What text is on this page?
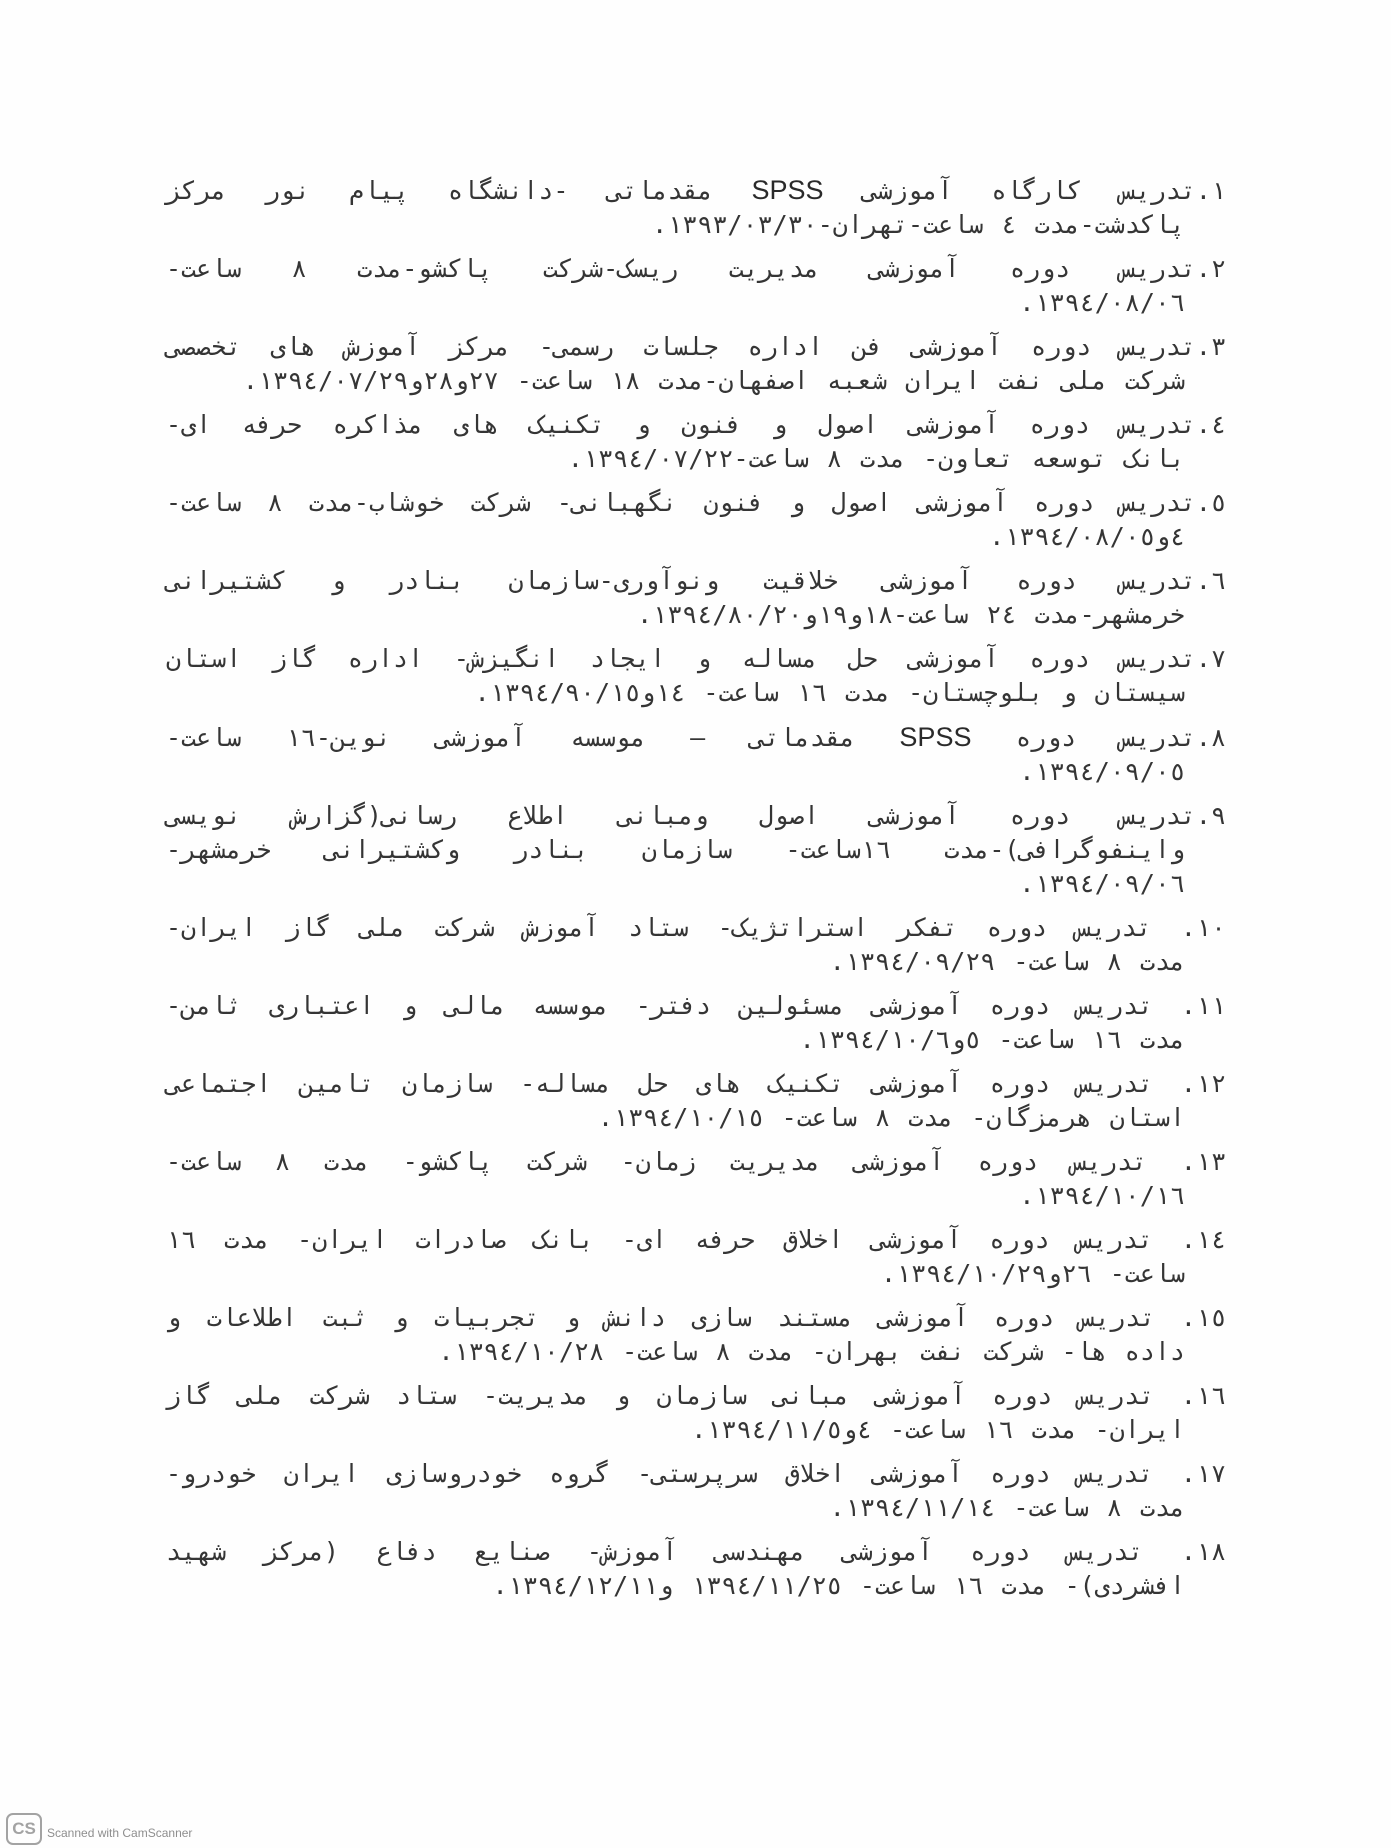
١.تدریس کارگاه آموزشی SPSS مقدماتی -دانشگاه پیام نور مرکز
پاکدشت-مدت ٤ ساعت-تهران-١٣٩٣/٠٣/٣٠.
٢.تدریس دوره آموزشی مدیریت ریسک-شرکت پاکشو-مدت ٨ ساعت-
١٣٩٤/٠٨/٠٦.
٣.تدریس دوره آموزشی فن اداره جلسات رسمی- مرکز آموزش های تخصصی
شرکت ملی نفت ایران شعبه اصفهان-مدت ١٨ ساعت- ٢٧و٢٨و١٣٩٤/٠٧/٢٩.
٤.تدریس دوره آموزشی اصول و فنون و تکنیک های مذاکره حرفه ای-
بانک توسعه تعاون- مدت ٨ ساعت-١٣٩٤/٠٧/٢٢.
٥.تدریس دوره آموزشی اصول و فنون نگهبانی- شرکت خوشاب-مدت ٨ ساعت-
٤و١٣٩٤/٠٨/٠٥.
٦.تدریس دوره آموزشی خلاقیت ونوآوری-سازمان بنادر و کشتیرانی
خرمشهر-مدت ٢٤ ساعت-١٨و١٩و١٣٩٤/٨٠/٢٠.
٧.تدریس دوره آموزشی حل مساله و ایجاد انگیزش- اداره گاز استان
سیستان و بلوچستان- مدت ١٦ ساعت- ١٤و١٣٩٤/٩٠/١٥.
٨.تدریس دوره SPSS مقدماتی – موسسه آموزشی نوین-١٦ ساعت-
١٣٩٤/٠٩/٠٥.
٩.تدریس دوره آموزشی اصول ومبانی اطلاع رسانی(گزارش نویسی
واینفوگرافی)-مدت ١٦ساعت- سازمان بنادر وکشتیرانی خرمشهر-
١٣٩٤/٠٩/٠٦.
١٠. تدریس دوره تفکر استراتژیک- ستاد آموزش شرکت ملی گاز ایران-
مدت ٨ ساعت- ١٣٩٤/٠٩/٢٩.
١١. تدریس دوره آموزشی مسئولین دفتر- موسسه مالی و اعتباری ثامن-
مدت ١٦ ساعت- ٥و١٣٩٤/١٠/٦.
١٢. تدریس دوره آموزشی تکنیک های حل مساله- سازمان تامین اجتماعی
استان هرمزگان- مدت ٨ ساعت- ١٣٩٤/١٠/١٥.
١٣. تدریس دوره آموزشی مدیریت زمان- شرکت پاکشو- مدت ٨ ساعت-
١٣٩٤/١٠/١٦.
١٤. تدریس دوره آموزشی اخلاق حرفه ای- بانک صادرات ایران- مدت ١٦
ساعت- ٢٦و١٣٩٤/١٠/٢٩.
١٥. تدریس دوره آموزشی مستند سازی دانش و تجربیات و ثبت اطلاعات و
داده ها- شرکت نفت بهران- مدت ٨ ساعت- ١٣٩٤/١٠/٢٨.
١٦. تدریس دوره آموزشی مبانی سازمان و مدیریت- ستاد شرکت ملی گاز
ایران- مدت ١٦ ساعت- ٤و١٣٩٤/١١/٥.
١٧. تدریس دوره آموزشی اخلاق سرپرستی- گروه خودروسازی ایران خودرو-
مدت ٨ ساعت- ١٣٩٤/١١/١٤.
١٨. تدریس دوره آموزشی مهندسی آموزش- صنایع دفاع (مرکز شهید
افشردی)- مدت ١٦ ساعت- ١٣٩٤/١١/٢٥ و١٣٩٤/١٢/١١.
CS Scanned with CamScanner
